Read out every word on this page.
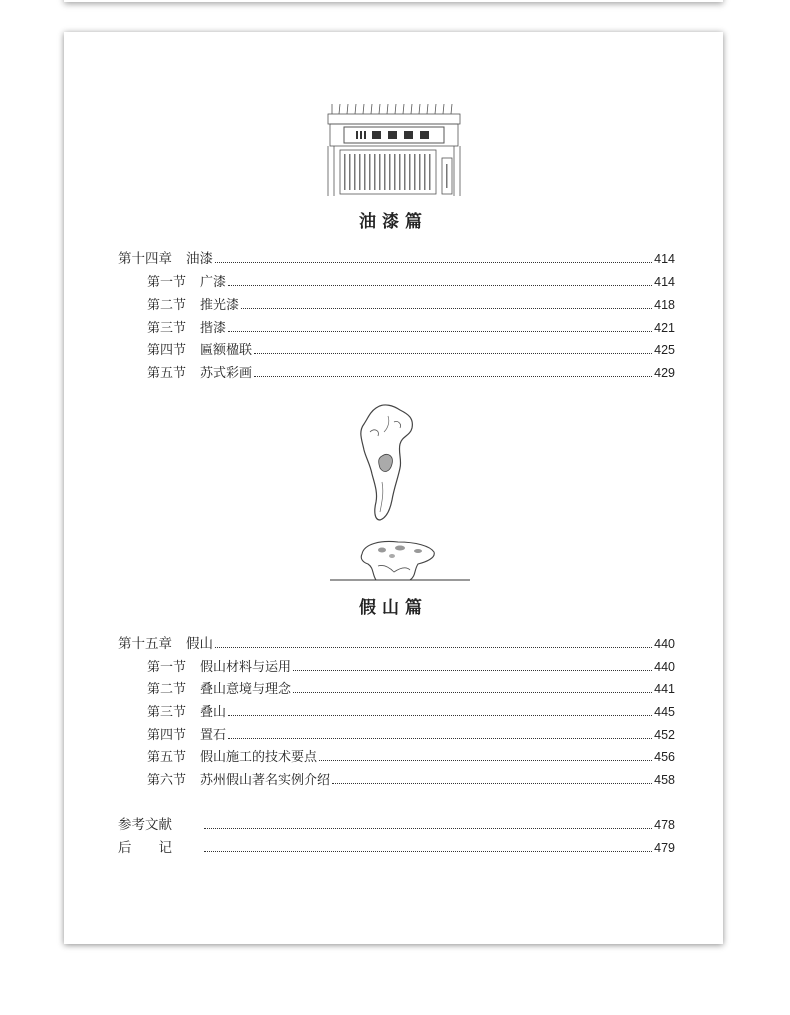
油漆篇
第十四章 油漆	414
第一节 广漆	414
第二节 推光漆	418
第三节 揩漆	421
第四节 匾额楹联	425
第五节 苏式彩画	429
假山篇
第十五章 假山	440
第一节 假山材料与运用	440
第二节 叠山意境与理念	441
第三节 叠山	445
第四节 置石	452
第五节 假山施工的技术要点	456
第六节 苏州假山著名实例介绍	458
参考文献	478
后　　记	479
